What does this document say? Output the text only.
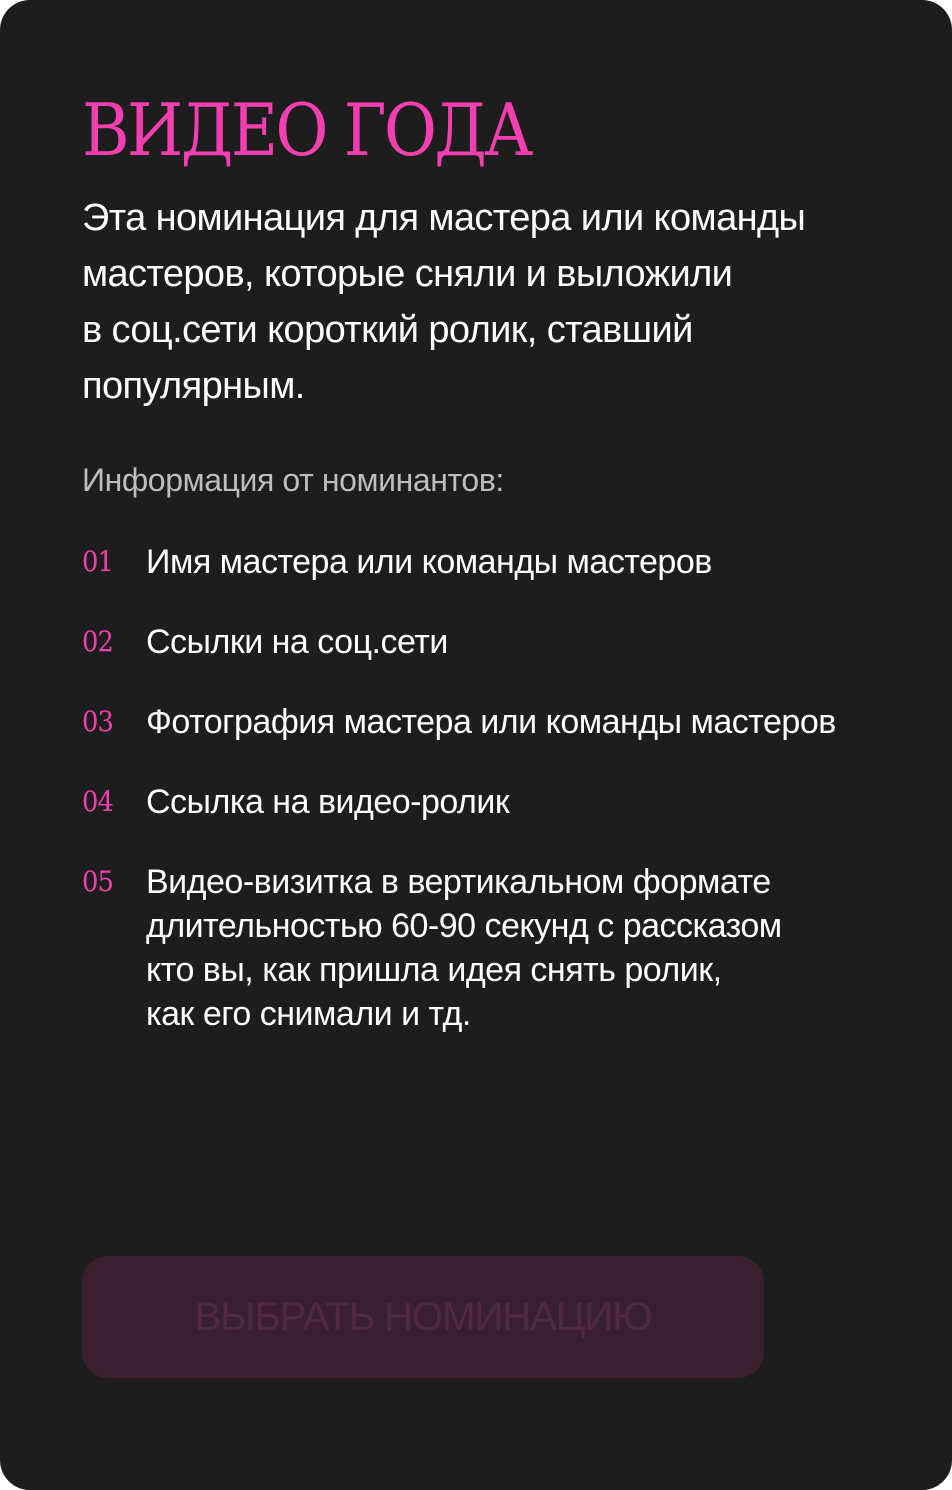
ВИДЕО ГОДА

Эта номинация для мастера или команды
мастеров, которые сняли и выложили
в соц.сети короткий ролик, ставший
популярным.

Информация от номинантов:

01 Имя мастера или команды мастеров
02 Ссылки на соц.сети
03 Фотография мастера или команды мастеров
04 Ссылка на видео-ролик
05 Видео-визитка в вертикальном формате
длительностью 60-90 секунд с рассказом
кто вы, как пришла идея снять ролик,
как его снимали и тд.
ВЫБРАТЬ НОМИНАЦИЮ
